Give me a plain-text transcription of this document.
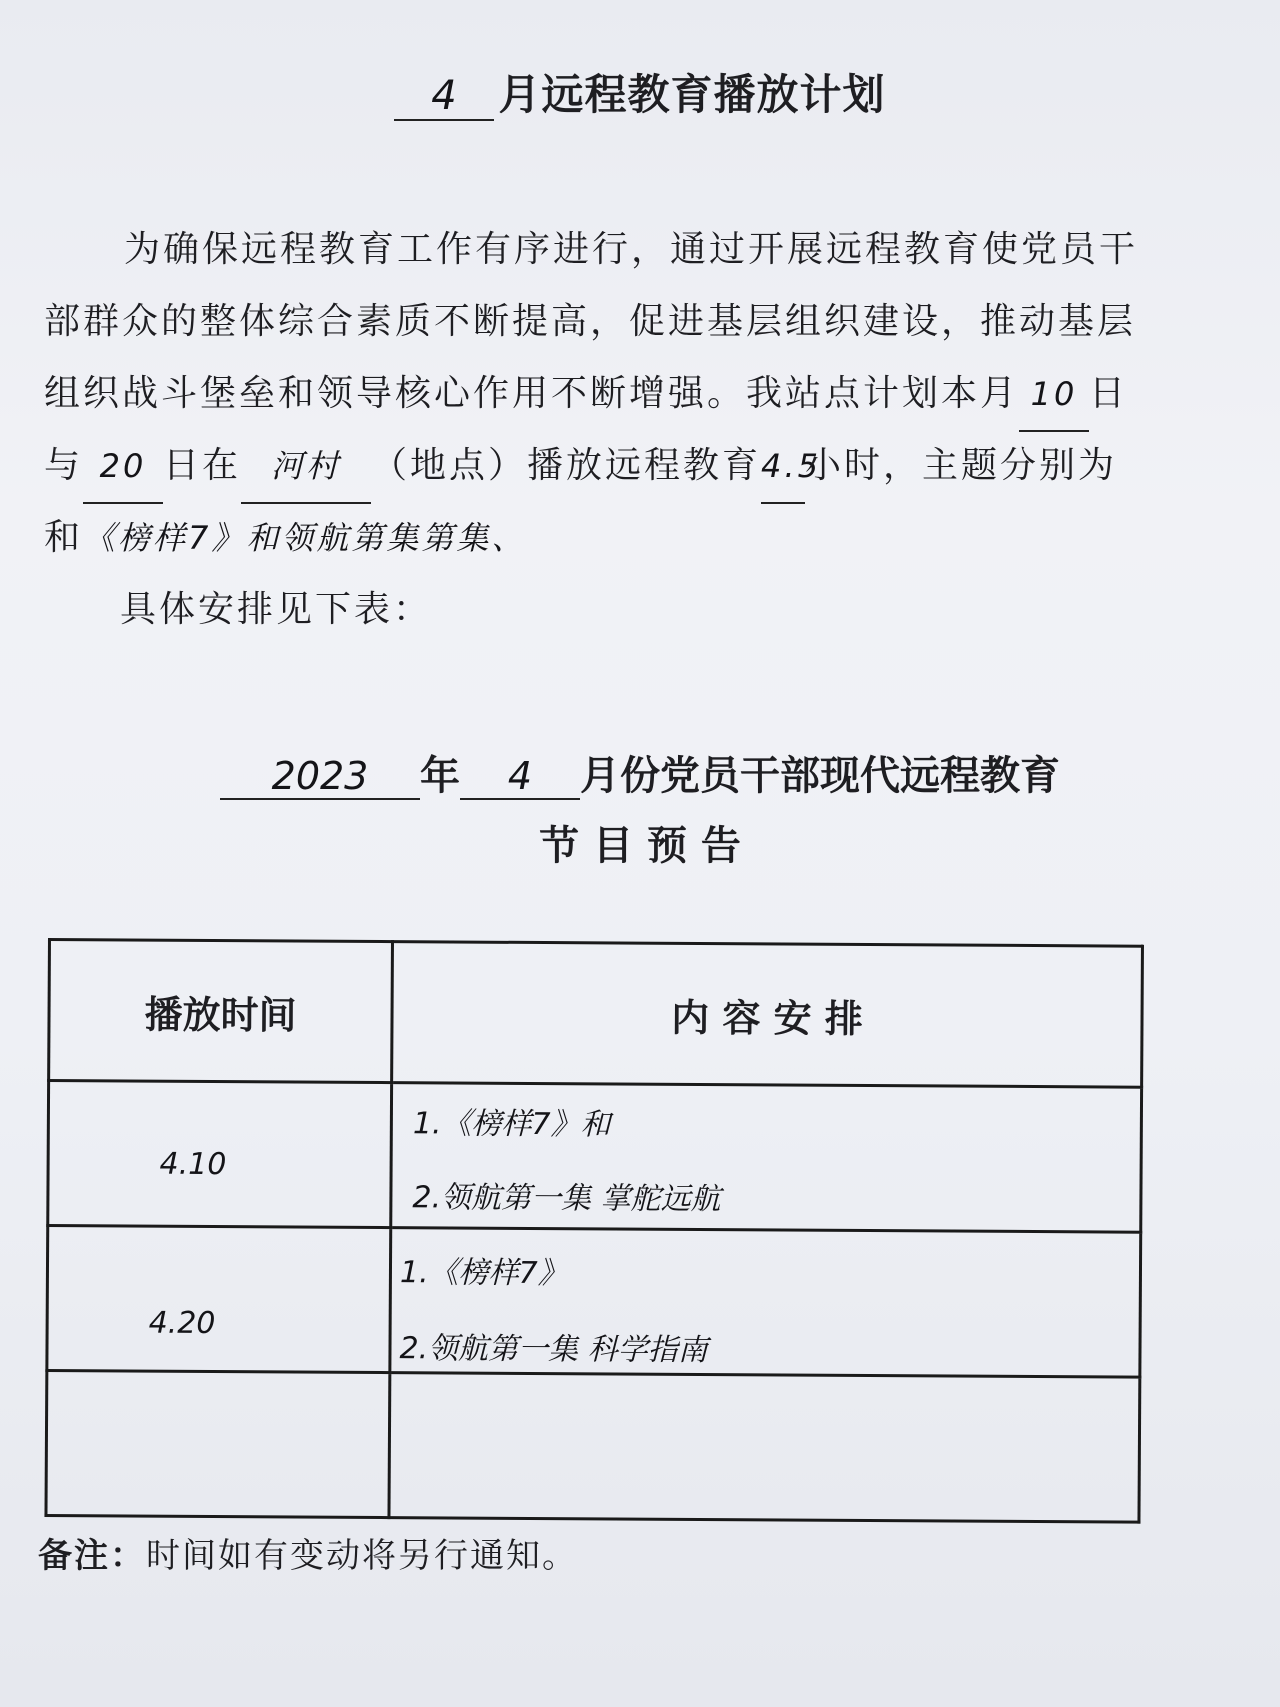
4 月远程教育播放计划
为确保远程教育工作有序进行，通过开展远程教育使党员干
部群众的整体综合素质不断提高，促进基层组织建设，推动基层
组织战斗堡垒和领导核心作用不断增强。我站点计划本月 10 日
与 20 日在 河村 （地点）播放远程教育4.5小时，主题分别为
和《榜样7》和领航第集第集、
具体安排见下表：
2023 年 4 月份党员干部现代远程教育
节 目 预 告
播放时间	内 容 安 排

4.10	1.《榜样7》和
2.领航第一集 掌舵远航

4.20	1.《榜样7》
2.领航第一集 科学指南

备注：时间如有变动将另行通知。
